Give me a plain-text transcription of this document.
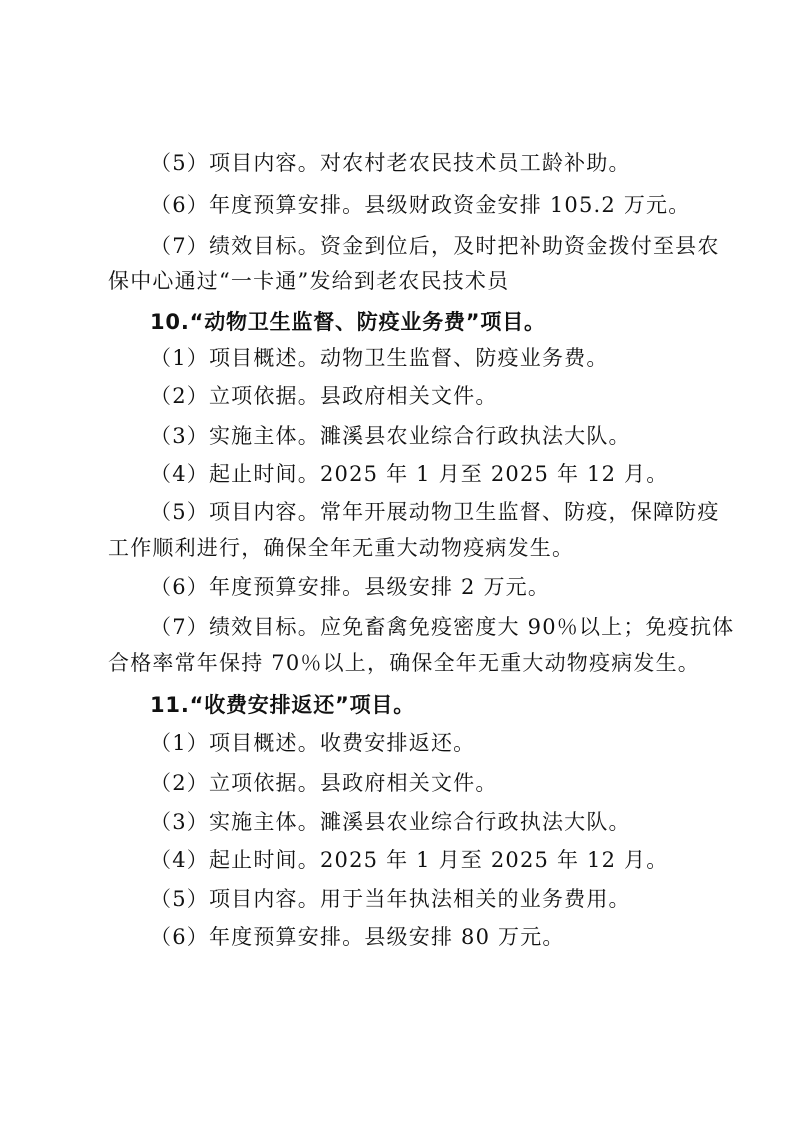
（5）项目内容。对农村老农民技术员工龄补助。
（6）年度预算安排。县级财政资金安排 105.2 万元。
（7）绩效目标。资金到位后，及时把补助资金拨付至县农
保中心通过“一卡通”发给到老农民技术员
10.“动物卫生监督、防疫业务费”项目。
（1）项目概述。动物卫生监督、防疫业务费。
（2）立项依据。县政府相关文件。
（3）实施主体。濉溪县农业综合行政执法大队。
（4）起止时间。2025 年 1 月至 2025 年 12 月。
（5）项目内容。常年开展动物卫生监督、防疫，保障防疫
工作顺利进行，确保全年无重大动物疫病发生。
（6）年度预算安排。县级安排 2 万元。
（7）绩效目标。应免畜禽免疫密度大 90％以上；免疫抗体
合格率常年保持 70％以上，确保全年无重大动物疫病发生。
11.“收费安排返还”项目。
（1）项目概述。收费安排返还。
（2）立项依据。县政府相关文件。
（3）实施主体。濉溪县农业综合行政执法大队。
（4）起止时间。2025 年 1 月至 2025 年 12 月。
（5）项目内容。用于当年执法相关的业务费用。
（6）年度预算安排。县级安排 80 万元。
